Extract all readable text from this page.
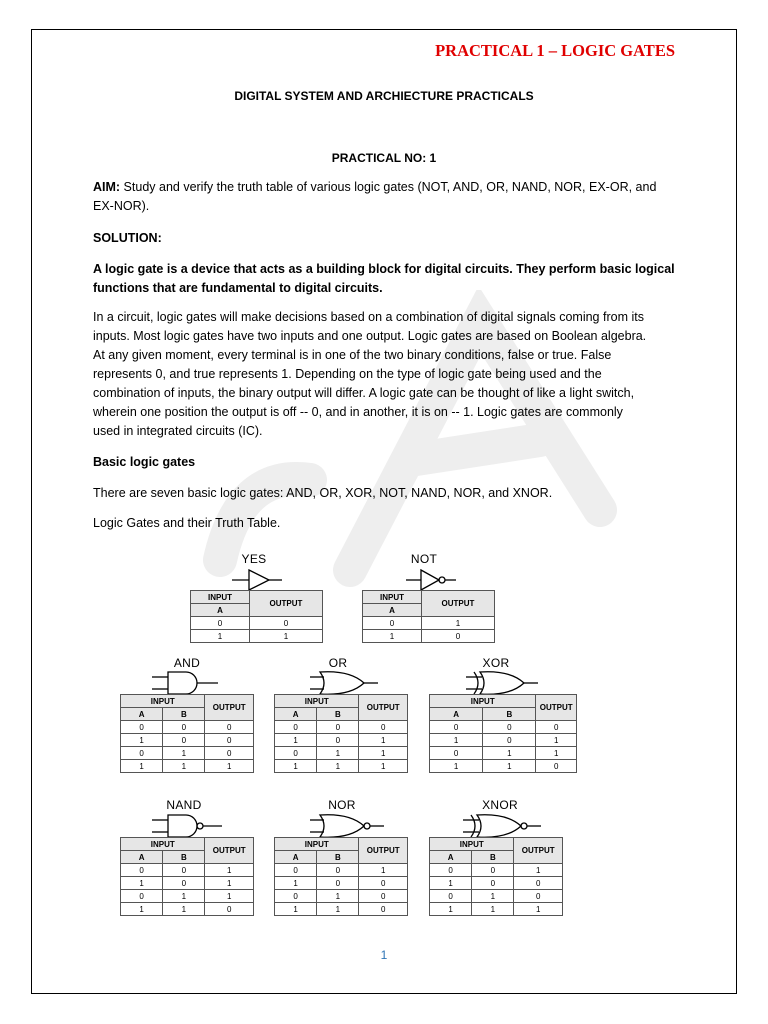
PRACTICAL 1 – LOGIC GATES
DIGITAL SYSTEM AND ARCHIECTURE PRACTICALS
PRACTICAL NO: 1
AIM: Study and verify the truth table of various logic gates (NOT, AND, OR, NAND, NOR, EX-OR, and
EX-NOR).
SOLUTION:
A logic gate is a device that acts as a building block for digital circuits. They perform basic logical
functions that are fundamental to digital circuits.
In a circuit, logic gates will make decisions based on a combination of digital signals coming from its
inputs. Most logic gates have two inputs and one output. Logic gates are based on Boolean algebra.
At any given moment, every terminal is in one of the two binary conditions, false or true. False
represents 0, and true represents 1. Depending on the type of logic gate being used and the
combination of inputs, the binary output will differ. A logic gate can be thought of like a light switch,
wherein one position the output is off -- 0, and in another, it is on -- 1. Logic gates are commonly
used in integrated circuits (IC).
Basic logic gates
There are seven basic logic gates: AND, OR, XOR, NOT, NAND, NOR, and XNOR.
Logic Gates and their Truth Table.
YES
INPUT	OUTPUT
A	
0	0
1	1
NOT
INPUT	OUTPUT
A	
0	1
1	0
AND
INPUT		OUTPUT
A	B	
0	0	0
1	0	0
0	1	0
1	1	1
OR
INPUT		OUTPUT
A	B	
0	0	0
1	0	1
0	1	1
1	1	1
XOR
INPUT		OUTPUT
A	B	
0	0	0
1	0	1
0	1	1
1	1	0
NAND
INPUT		OUTPUT
A	B	
0	0	1
1	0	1
0	1	1
1	1	0
NOR
INPUT		OUTPUT
A	B	
0	0	1
1	0	0
0	1	0
1	1	0
XNOR
INPUT		OUTPUT
A	B	
0	0	1
1	0	0
0	1	0
1	1	1
1
